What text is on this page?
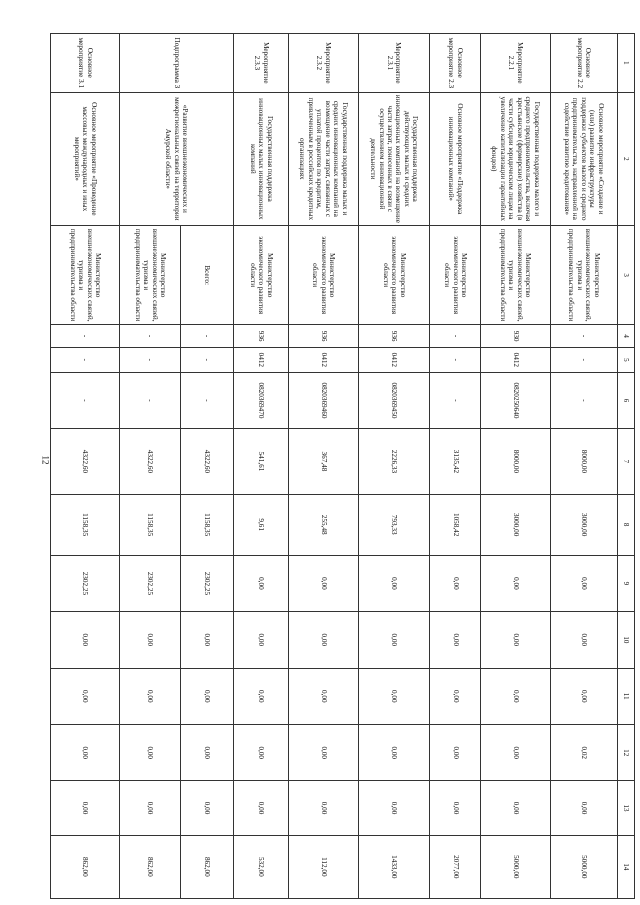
12
1	2	3	4	5	6	7	8	9	10	11	12	13	14
Основное мероприятие 2.2	Основное мероприятие «Создание и (или) развитие инфраструктуры поддержки субъектов малого и среднего предпринимательства, направленной на содействие развитию кредитования»	Министерство внешнеэкономических связей, туризма и предпринимательства области	-	-	-	8000,00	3000,00	0,00	0,00	0,00	0,02	0,00	5000,00
Мероприятие 2.2.1	Государственная поддержка малого и среднего предпринимательства, включая крестьянские (фермерские) хозяйства (в части субсидии юридическим лицам на увеличение капитализации гарантийных фондов)	Министерство внешнеэкономических связей, туризма и предпринимательства области	930	0412	0820250640	8000,00	3000,00	0,00	0,00	0,00	0,00	0,00	5000,00
Основное мероприятие 2.3	Основное мероприятие «Поддержка инновационных компаний»	Министерство экономического развития области	-	-	-	3135,42	1058,42	0,00	0,00	0,00	0,00	0,00	2077,00
Мероприятие 2.3.1	Государственная поддержка действующих малых и средних инновационных компаний на возмещение части затрат, понесенных в связи с осуществлением инновационной деятельности	Министерство экономического развития области	936	0412	0820369450	2226,33	793,33	0,00	0,00	0,00	0,00	0,00	1433,00
Мероприятие 2.3.2	Государственная поддержка малых и средних инновационных компаний на возмещение части затрат, связанных с уплатой процентов по кредитам, привлеченным в российских кредитных организациях	Министерство экономического развития области	936	0412	0820369460	367,48	255,48	0,00	0,00	0,00	0,00	0,00	112,00
Мероприятие 2.3.3	Государственная поддержка инновационных малых инновационных компаний	Министерство экономического развития области	936	0412	0820369470	541,61	9,61	0,00	0,00	0,00	0,00	0,00	532,00
Подпрограмма 3	«Развитие внешнеэкономических и межрегиональных связей на территории Амурской области»	Всего:	-	-	-	4322,60	1158,35	2302,25	0,00	0,00	0,00	0,00	862,00
		Министерство внешнеэкономических связей, туризма и предпринимательства области	-	-	-	4322,60	1158,35	2302,25	0,00	0,00	0,00	0,00	862,00
Основное мероприятие 3.1	Основное мероприятие «Проведение массовых международных и иных мероприятий»	Министерство внешнеэкономических связей, туризма и предпринимательства области	-	-	-	4322,60	1158,35	2302,25	0,00	0,00	0,00	0,00	862,00
